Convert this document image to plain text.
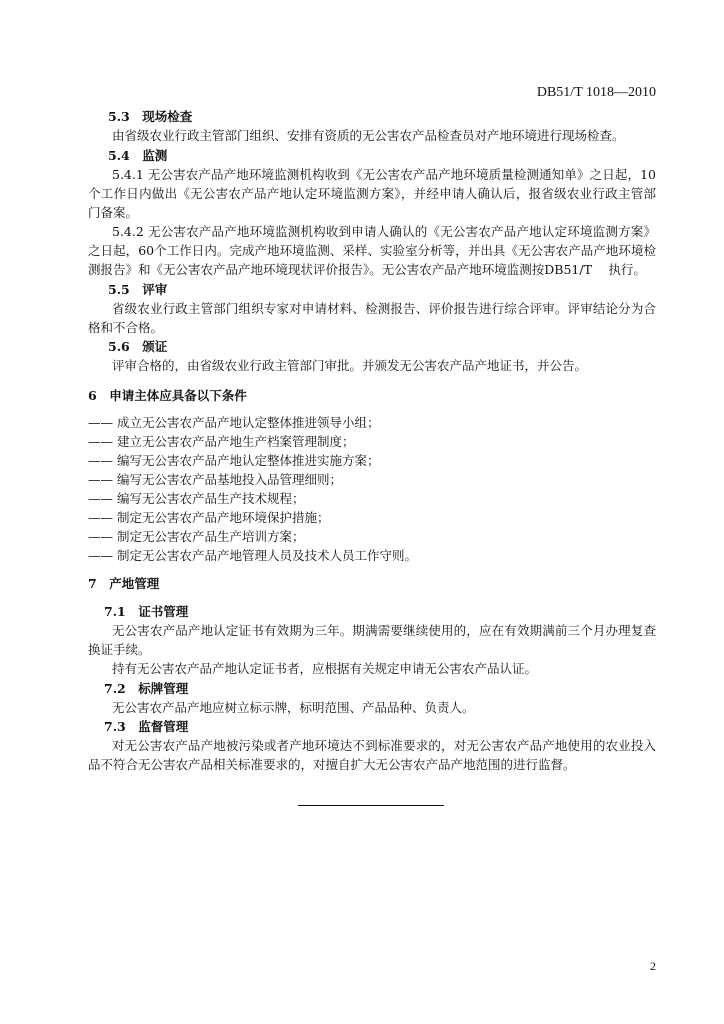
DB51/T 1018—2010
5.3　现场检查
由省级农业行政主管部门组织、安排有资质的无公害农产品检查员对产地环境进行现场检查。
5.4　监测
5.4.1 无公害农产品产地环境监测机构收到《无公害农产品产地环境质量检测通知单》之日起，10
个工作日内做出《无公害农产品产地认定环境监测方案》，并经申请人确认后，报省级农业行政主管部
门备案。
5.4.2 无公害农产品产地环境监测机构收到申请人确认的《无公害农产品产地认定环境监测方案》
之日起，60个工作日内。完成产地环境监测、采样、实验室分析等，并出具《无公害农产品产地环境检
测报告》和《无公害农产品产地环境现状评价报告》。无公害农产品产地环境监测按DB51/T　 执行。
5.5　评审
省级农业行政主管部门组织专家对申请材料、检测报告、评价报告进行综合评审。评审结论分为合
格和不合格。
5.6　颁证
评审合格的，由省级农业行政主管部门审批。并颁发无公害农产品产地证书，并公告。
6　申请主体应具备以下条件
—— 成立无公害农产品产地认定整体推进领导小组；
—— 建立无公害农产品产地生产档案管理制度；
—— 编写无公害农产品产地认定整体推进实施方案；
—— 编写无公害农产品基地投入品管理细则；
—— 编写无公害农产品生产技术规程；
—— 制定无公害农产品产地环境保护措施；
—— 制定无公害农产品生产培训方案；
—— 制定无公害农产品产地管理人员及技术人员工作守则。
7　产地管理
7.1　证书管理
无公害农产品产地认定证书有效期为三年。期满需要继续使用的，应在有效期满前三个月办理复查
换证手续。
持有无公害农产品产地认定证书者，应根据有关规定申请无公害农产品认证。
7.2　标牌管理
无公害农产品产地应树立标示牌，标明范围、产品品种、负责人。
7.3　监督管理
对无公害农产品产地被污染或者产地环境达不到标准要求的，对无公害农产品产地使用的农业投入
品不符合无公害农产品相关标准要求的，对擅自扩大无公害农产品产地范围的进行监督。
2
